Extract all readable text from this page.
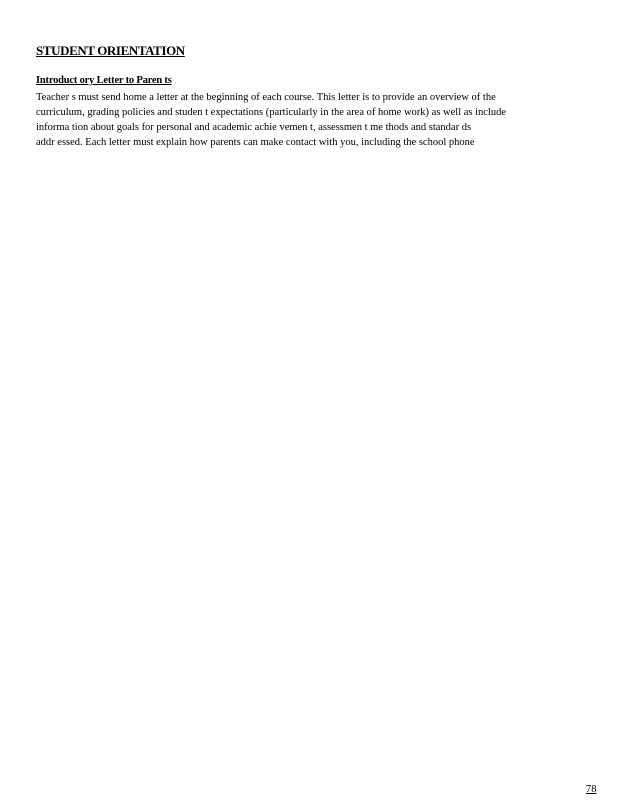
STUDENT ORIENTATION
Introduct ory Letter to Paren ts
Teacher s must send home a letter at the beginning of each course. This letter is to provide an overview of the
curriculum, grading policies and studen t expectations (particularly in the area of home work) as well as include
informa tion about goals for personal and academic achie vemen t, assessmen t me thods and standar ds
addr essed. Each letter must explain how parents can make contact with you, including the school phone
78
